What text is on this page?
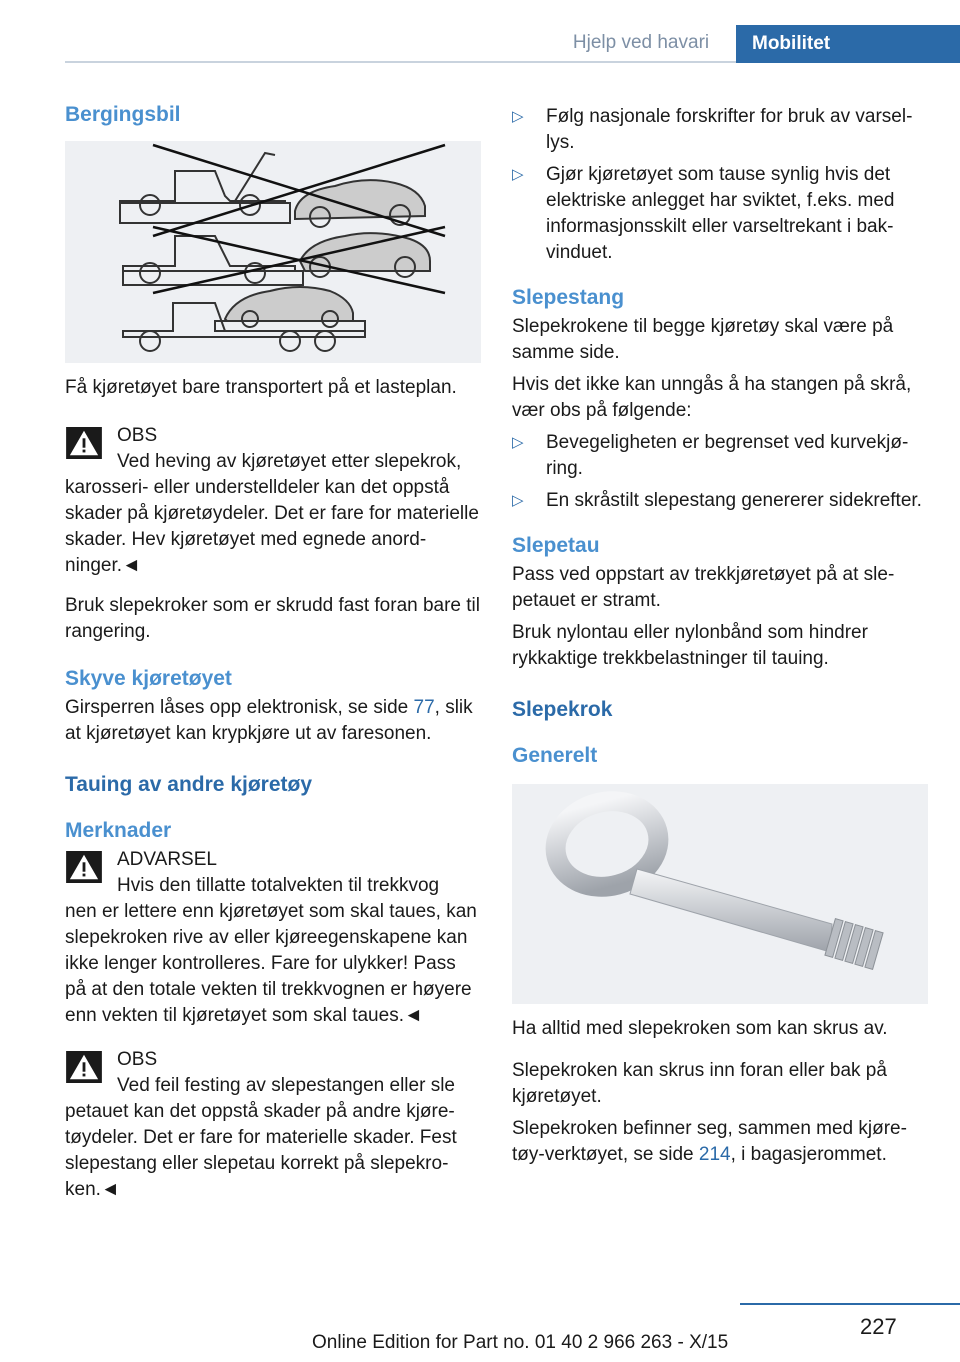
Hjelp ved havari	Mobilitet
Bergingsbil

Få kjøretøyet bare transportert på et lasteplan.

OBS

Ved heving av kjøretøyet etter slepekrok,

karosseri- eller understelldeler kan det oppstå skader på kjøretøydeler. Det er fare for materielle skader. Hev kjøretøyet med egnede anordninger.◄

Bruk slepekroker som er skrudd fast foran bare til rangering.

Skyve kjøretøyet

Girsperren låses opp elektronisk, se side 77, slik at kjøretøyet kan krypkjøre ut av faresonen.

Tauing av andre kjøretøy
Merknader

ADVARSEL

Hvis den tillatte totalvekten til trekkvog

nen er lettere enn kjøretøyet som skal taues, kan slepekroken rive av eller kjøreegenskapene kan ikke lenger kontrolleres. Fare for ulykker! Pass på at den totale vekten til trekkvognen er høyere enn vekten til kjøretøyet som skal taues.◄

OBS

Ved feil festing av slepestangen eller sle

petauet kan det oppstå skader på andre kjøretøydeler. Det er fare for materielle skader. Fest slepestang eller slepetau korrekt på slepekroken.◄

▷ Følg nasjonale forskrifter for bruk av varsellys.
▷ Gjør kjøretøyet som tause synlig hvis det elektriske anlegget har sviktet, f.eks. med informasjonsskilt eller varseltrekant i bakvinduet.
Slepestang

Slepekrokene til begge kjøretøy skal være på samme side.

Hvis det ikke kan unngås å ha stangen på skrå, vær obs på følgende:

▷ Bevegeligheten er begrenset ved kurvekjøring.
▷ En skråstilt slepestang genererer sidekrefter.
Slepetau

Pass ved oppstart av trekkjøretøyet på at slepetauet er stramt.

Bruk nylontau eller nylonbånd som hindrer rykkaktige trekkbelastninger til tauing.

Slepekrok
Generelt

Ha alltid med slepekroken som kan skrus av.

Slepekroken kan skrus inn foran eller bak på kjøretøyet.

Slepekroken befinner seg, sammen med kjøretøy-verktøyet, se side 214, i bagasjerommet.

227
Online Edition for Part no. 01 40 2 966 263 - X/15
